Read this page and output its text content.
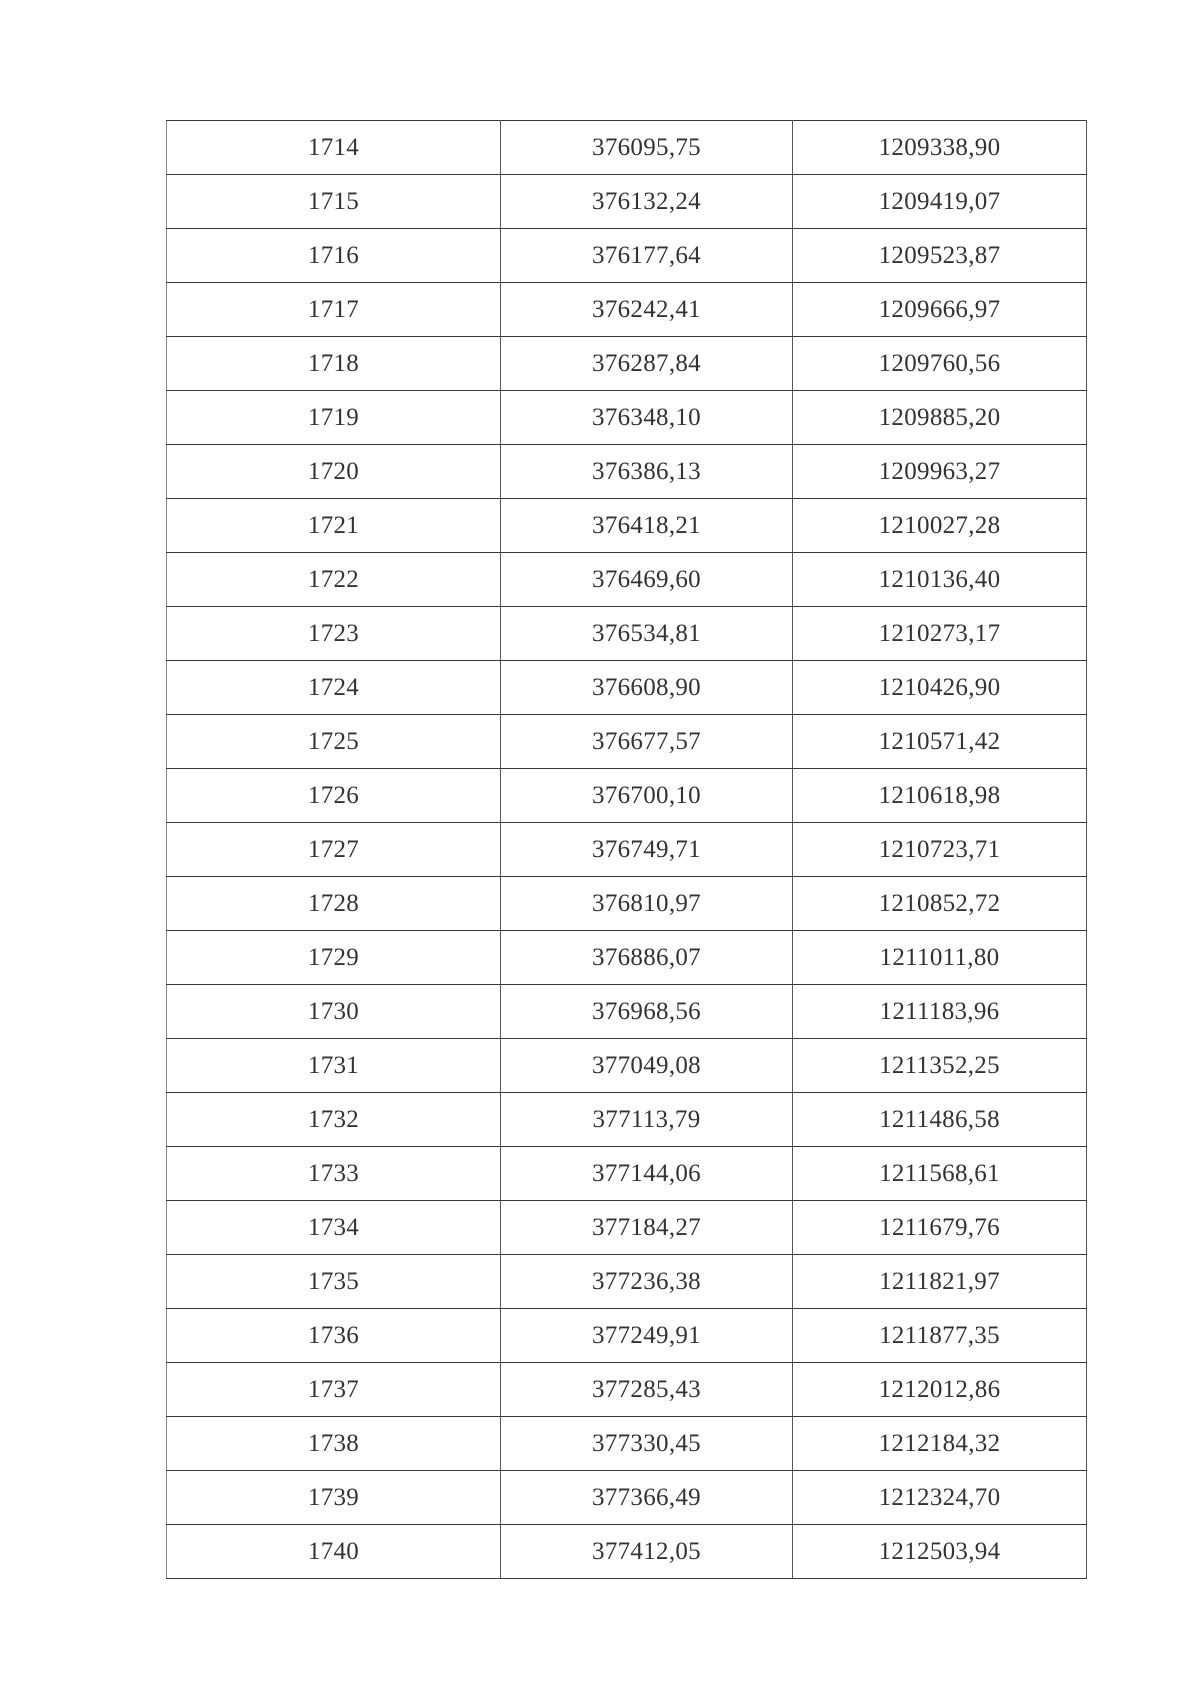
1714	376095,75	1209338,90
1715	376132,24	1209419,07
1716	376177,64	1209523,87
1717	376242,41	1209666,97
1718	376287,84	1209760,56
1719	376348,10	1209885,20
1720	376386,13	1209963,27
1721	376418,21	1210027,28
1722	376469,60	1210136,40
1723	376534,81	1210273,17
1724	376608,90	1210426,90
1725	376677,57	1210571,42
1726	376700,10	1210618,98
1727	376749,71	1210723,71
1728	376810,97	1210852,72
1729	376886,07	1211011,80
1730	376968,56	1211183,96
1731	377049,08	1211352,25
1732	377113,79	1211486,58
1733	377144,06	1211568,61
1734	377184,27	1211679,76
1735	377236,38	1211821,97
1736	377249,91	1211877,35
1737	377285,43	1212012,86
1738	377330,45	1212184,32
1739	377366,49	1212324,70
1740	377412,05	1212503,94
